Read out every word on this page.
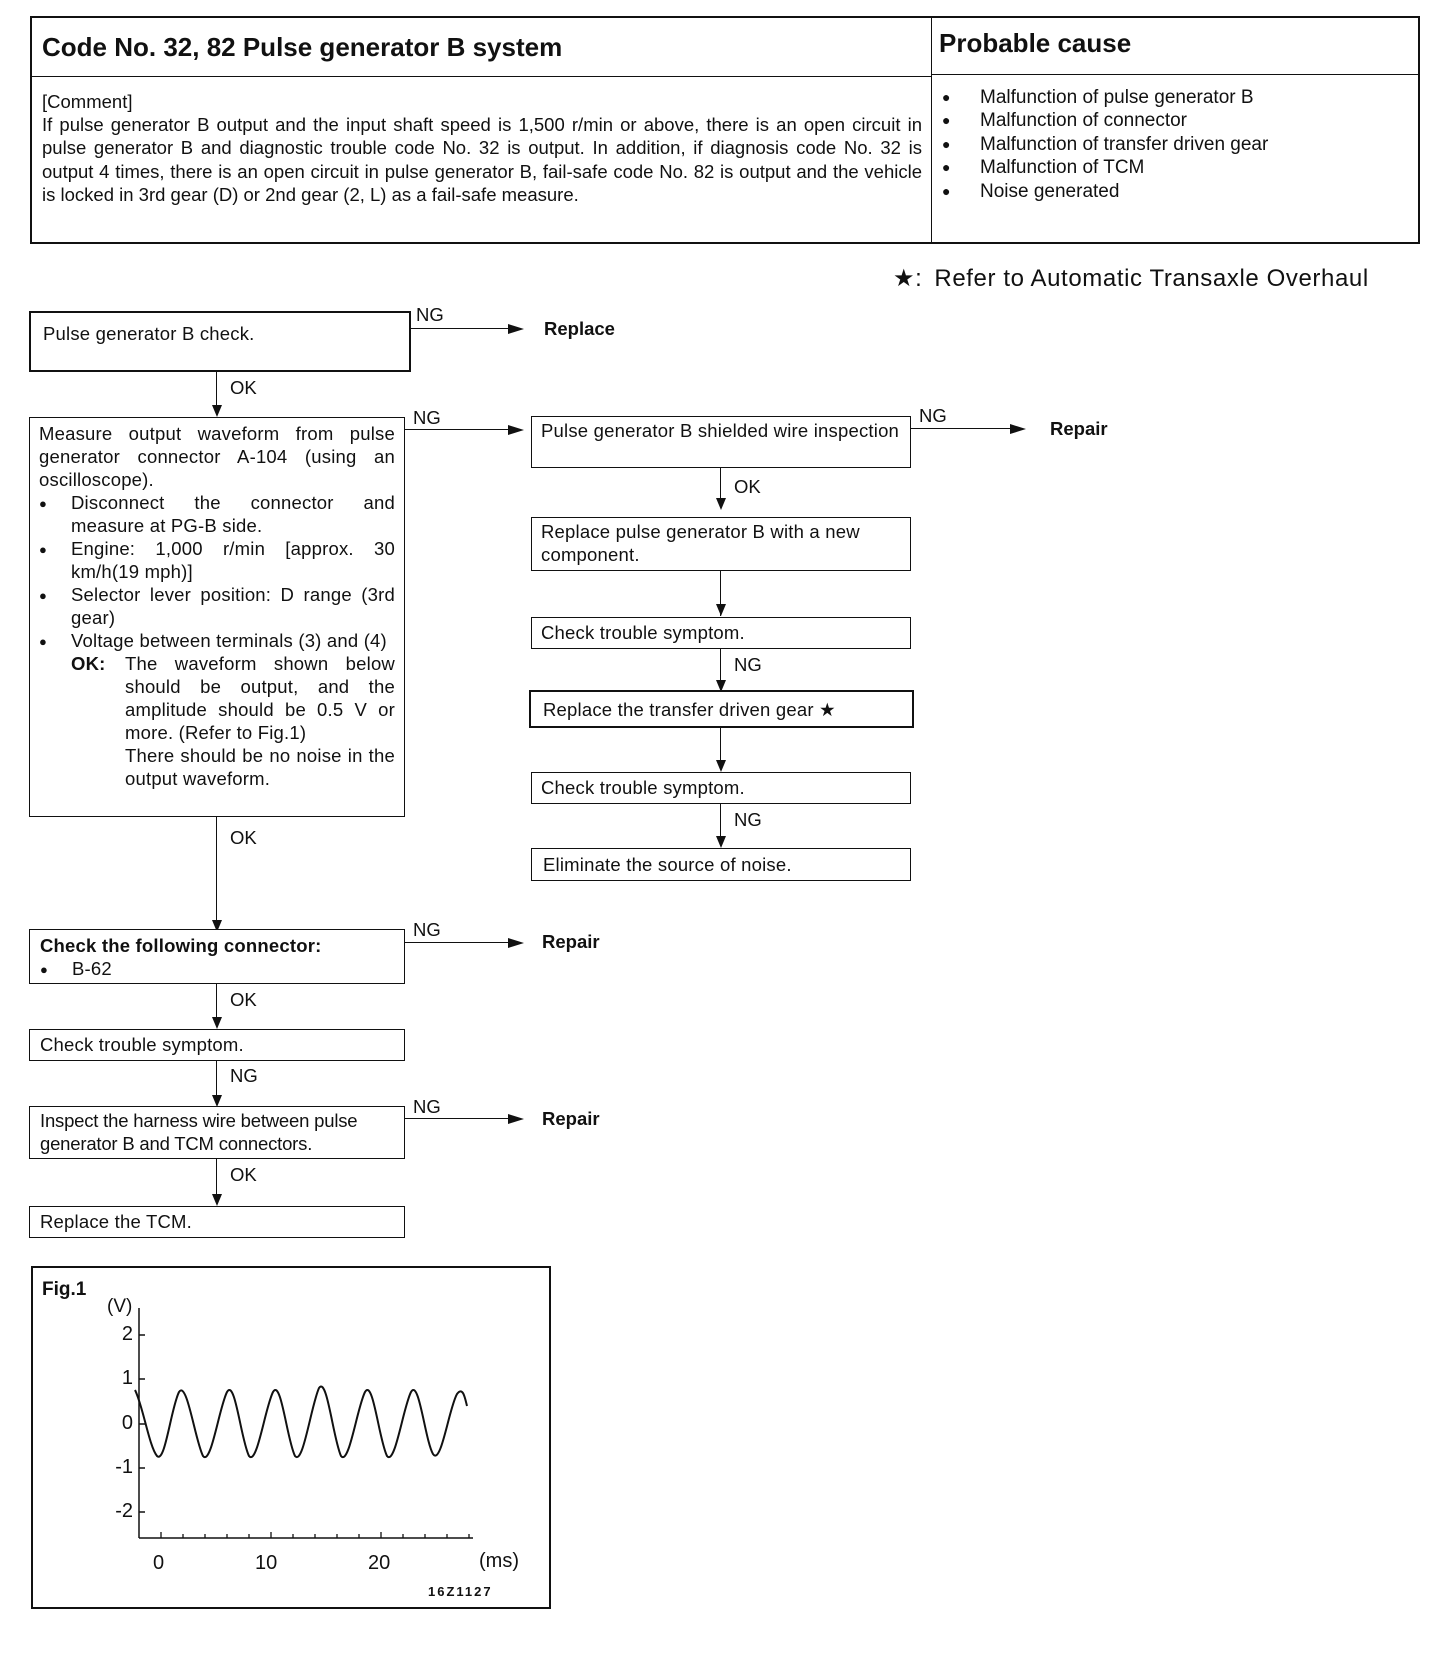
Code No. 32, 82 Pulse generator B system	Probable cause
[Comment]
If pulse generator B output and the input shaft speed is 1,500 r/min or above, there is an open circuit in pulse generator B and diagnostic trouble code No. 32 is output. In addition, if diagnosis code No. 32 is output 4 times, there is an open circuit in pulse generator B, fail-safe code No. 82 is output and the vehicle is locked in 3rd gear (D) or 2nd gear (2, L) as a fail-safe measure.
● Malfunction of pulse generator B
● Malfunction of connector
● Malfunction of transfer driven gear
● Malfunction of TCM
● Noise generated
★: Refer to Automatic Transaxle Overhaul
Pulse generator B check.
NG
Replace
OK
Measure output waveform from pulse generator connector A-104 (using an oscilloscope).
● Disconnect the connector and measure at PG-B side.
● Engine: 1,000 r/min [approx. 30 km/h(19 mph)]
● Selector lever position: D range (3rd gear)
● Voltage between terminals (3) and (4)
OK: The waveform shown below should be output, and the amplitude should be 0.5 V or more. (Refer to Fig.1)
There should be no noise in the output waveform.
NG
OK
Pulse generator B shielded wire inspection
NG
Repair
OK
Replace pulse generator B with a new component.
Check trouble symptom.
NG
Replace the transfer driven gear ★
Check trouble symptom.
NG
Eliminate the source of noise.
Check the following connector:
● B-62
NG
Repair
OK
Check trouble symptom.
NG
Inspect the harness wire between pulse generator B and TCM connectors.
NG
Repair
OK
Replace the TCM.
Fig.1
(V)
2
1
0
-1
-2
0	10	20	(ms)
16Z1127
